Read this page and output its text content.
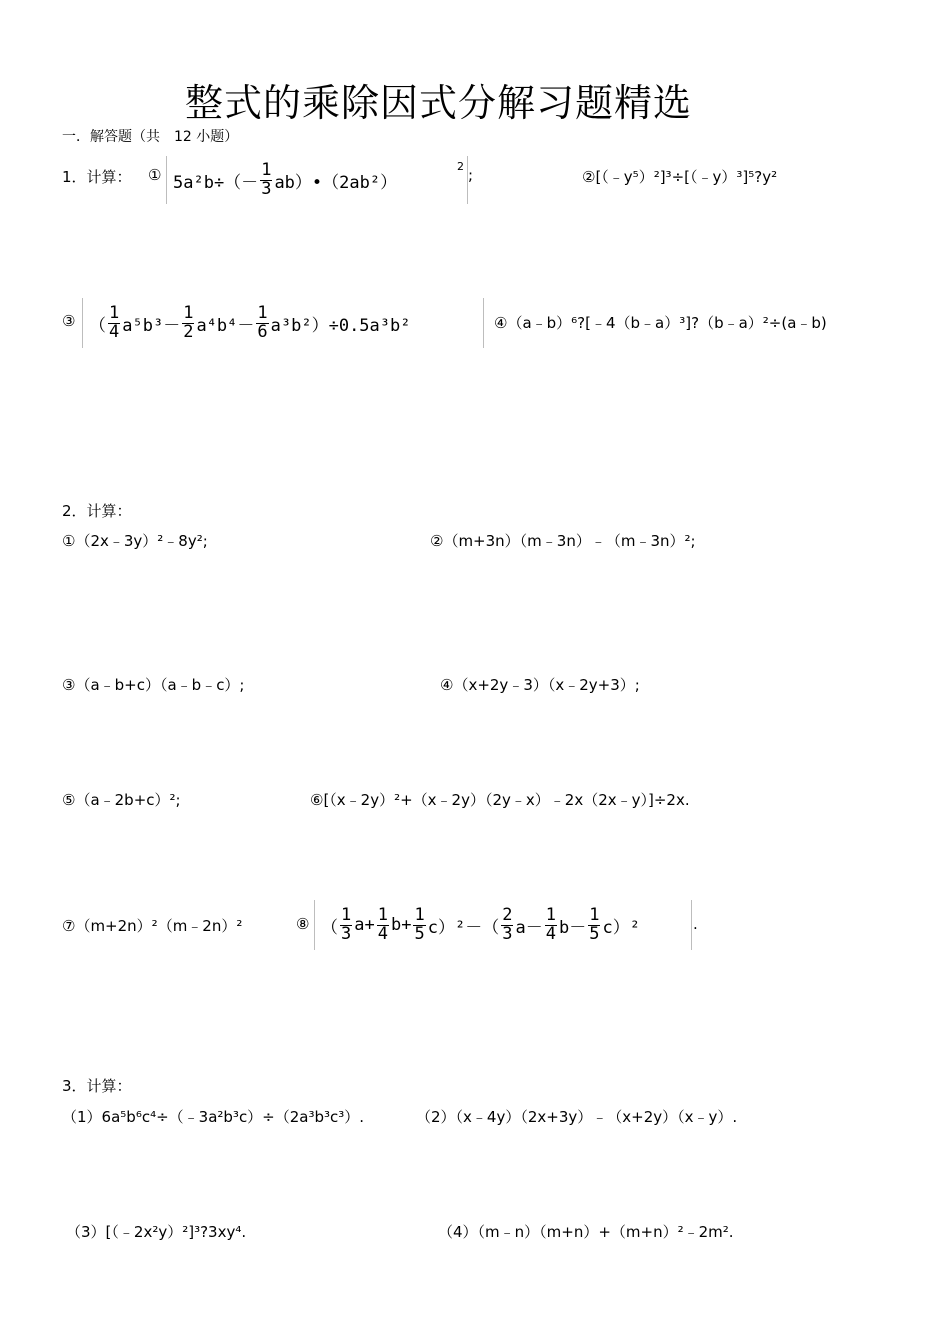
整式的乘除因式分解习题精选
一．解答题（共　12 小题）
1．计算： ① $5a^2b\div(- \frac{1}{3}$ ab）•（2ab²）
2 ;	②[（﹣y⁵）²]³÷[（﹣y）³]⁵?y²
③ （ $\frac{1}{4} a^5b^3- \frac{1}{2} a^4b^4- \frac{1}{6} a^3b^2)\div 0.5a^3b^2$	④（a﹣b）⁶?[﹣4（b﹣a）³]?（b﹣a）²÷(a﹣b)
2．计算：
①（2x﹣3y）²﹣8y²;	②（m+3n）（m﹣3n）﹣（m﹣3n）²;
③（a﹣b+c）（a﹣b﹣c）;	④（x+2y﹣3）（x﹣2y+3）;
⑤（a﹣2b+c）²;	⑥[（x﹣2y）²+（x﹣2y）（2y﹣x）﹣2x（2x﹣y）]÷2x.
⑦（m+2n）²（m﹣2n）²	⑧ （ $\frac{1}{3} a+ \frac{1}{4} b+ \frac{1}{5} c)^2-( \frac{2}{3} a- \frac{1}{4} b- \frac{1}{5} c)^2$	.
3．计算：
（1）6a⁵b⁶c⁴÷（﹣3a²b³c）÷（2a³b³c³）.	（2）（x﹣4y）（2x+3y）﹣（x+2y）（x﹣y）.
（3）[（﹣2x²y）²]³?3xy⁴.	（4）（m﹣n）（m+n）+（m+n）²﹣2m².
